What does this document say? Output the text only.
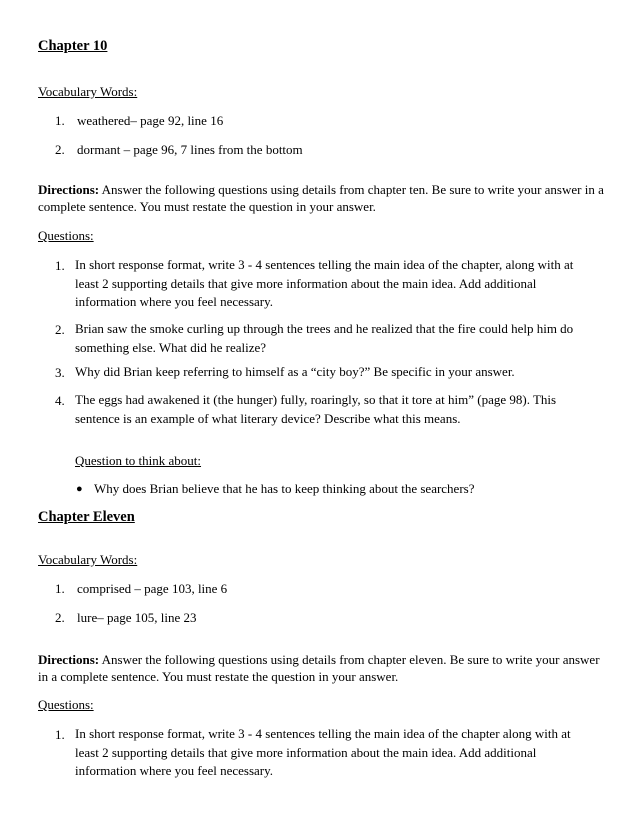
Chapter 10
Vocabulary Words:
1. weathered– page 92, line 16
2. dormant – page 96, 7 lines from the bottom
Directions: Answer the following questions using details from chapter ten. Be sure to write your answer in a complete sentence. You must restate the question in your answer.
Questions:
1. In short response format, write 3 - 4 sentences telling the main idea of the chapter, along with at least 2 supporting details that give more information about the main idea. Add additional information where you feel necessary.
2. Brian saw the smoke curling up through the trees and he realized that the fire could help him do something else. What did he realize?
3. Why did Brian keep referring to himself as a “city boy?” Be specific in your answer.
4. The eggs had awakened it (the hunger) fully, roaringly, so that it tore at him” (page 98). This sentence is an example of what literary device? Describe what this means.
Question to think about:
● Why does Brian believe that he has to keep thinking about the searchers?
Chapter Eleven
Vocabulary Words:
1. comprised – page 103, line 6
2. lure– page 105, line 23
Directions: Answer the following questions using details from chapter eleven. Be sure to write your answer in a complete sentence. You must restate the question in your answer.
Questions:
1. In short response format, write 3 - 4 sentences telling the main idea of the chapter along with at least 2 supporting details that give more information about the main idea. Add additional information where you feel necessary.
